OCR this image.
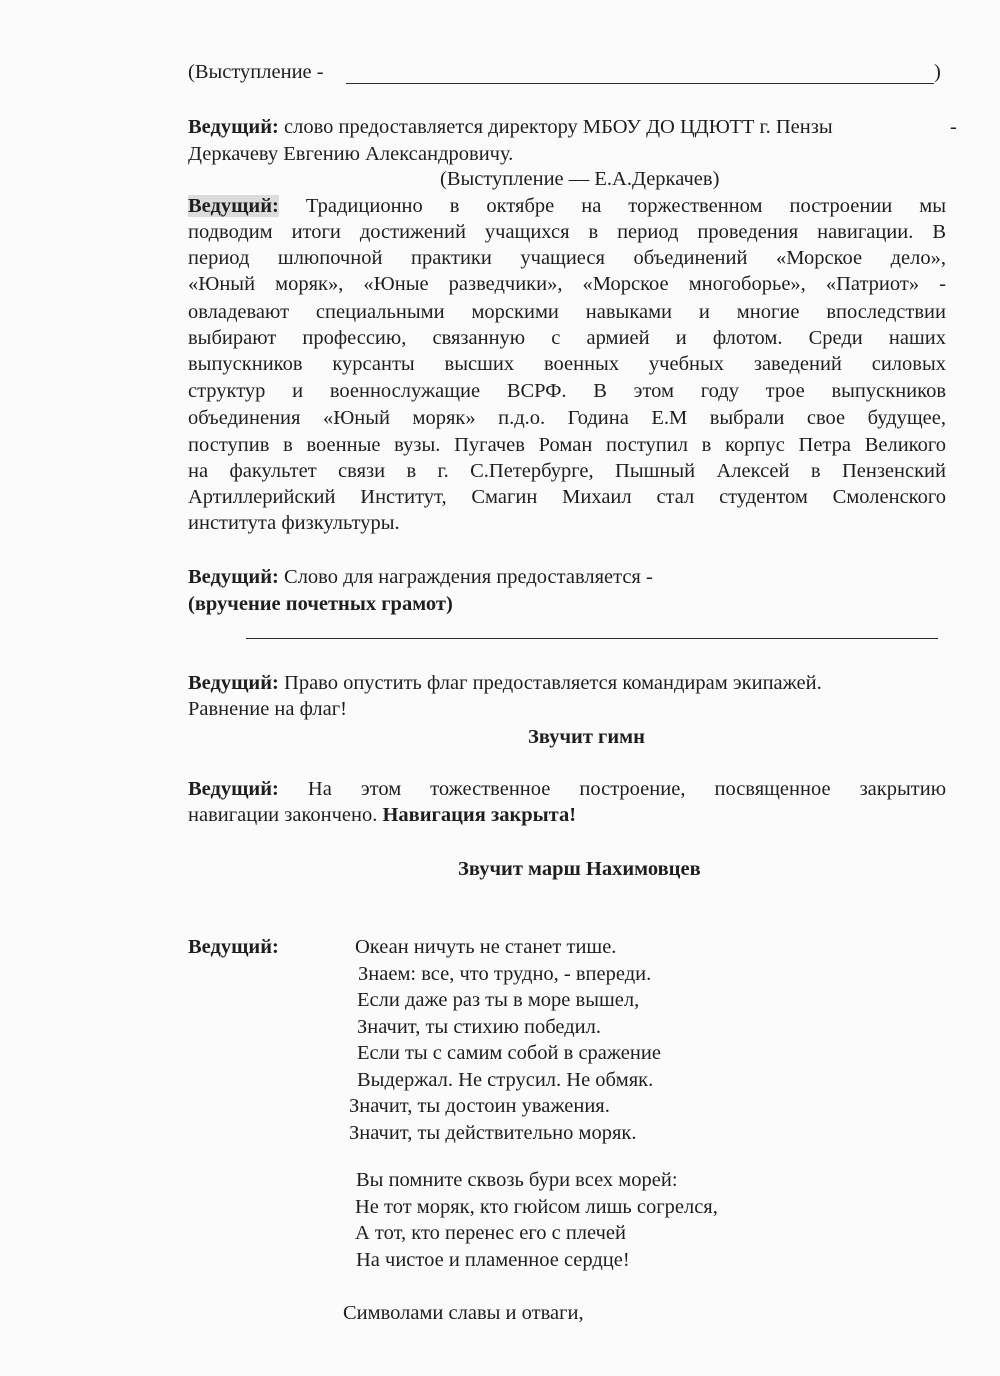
(Выступление -	)
Ведущий: слово предоставляется директору МБОУ ДО ЦДЮТТ г. Пензы	-
Деркачеву Евгению Александровичу.
(Выступление — Е.А.Деркачев)
Ведущий: Традиционно в октябре на торжественном построении мы
подводим итоги достижений учащихся в период проведения навигации. В
период шлюпочной практики учащиеся объединений «Морское дело»,
«Юный моряк», «Юные разведчики», «Морское многоборье», «Патриот» -
овладевают специальными морскими навыками и многие впоследствии
выбирают профессию, связанную с армией и флотом. Среди наших
выпускников курсанты высших военных учебных заведений силовых
структур и военнослужащие ВСРФ. В этом году трое выпускников
объединения «Юный моряк» п.д.о. Година Е.М выбрали свое будущее,
поступив в военные вузы. Пугачев Роман поступил в корпус Петра Великого
на факультет связи в г. С.Петербурге, Пышный Алексей в Пензенский
Артиллерийский Институт, Смагин Михаил стал студентом Смоленского
института физкультуры.
Ведущий: Слово для награждения предоставляется -
(вручение почетных грамот)
Ведущий: Право опустить флаг предоставляется командирам экипажей.
Равнение на флаг!
Звучит гимн
Ведущий: На этом тожественное построение, посвященное закрытию
навигации закончено. Навигация закрыта!
Звучит марш Нахимовцев
Ведущий:	Океан ничуть не станет тише.
Знаем: все, что трудно, - впереди.
Если даже раз ты в море вышел,
Значит, ты стихию победил.
Если ты с самим собой в сражение
Выдержал. Не струсил. Не обмяк.
Значит, ты достоин уважения.
Значит, ты действительно моряк.
Вы помните сквозь бури всех морей:
Не тот моряк, кто гюйсом лишь согрелся,
А тот, кто перенес его с плечей
На чистое и пламенное сердце!
Символами славы и отваги,
